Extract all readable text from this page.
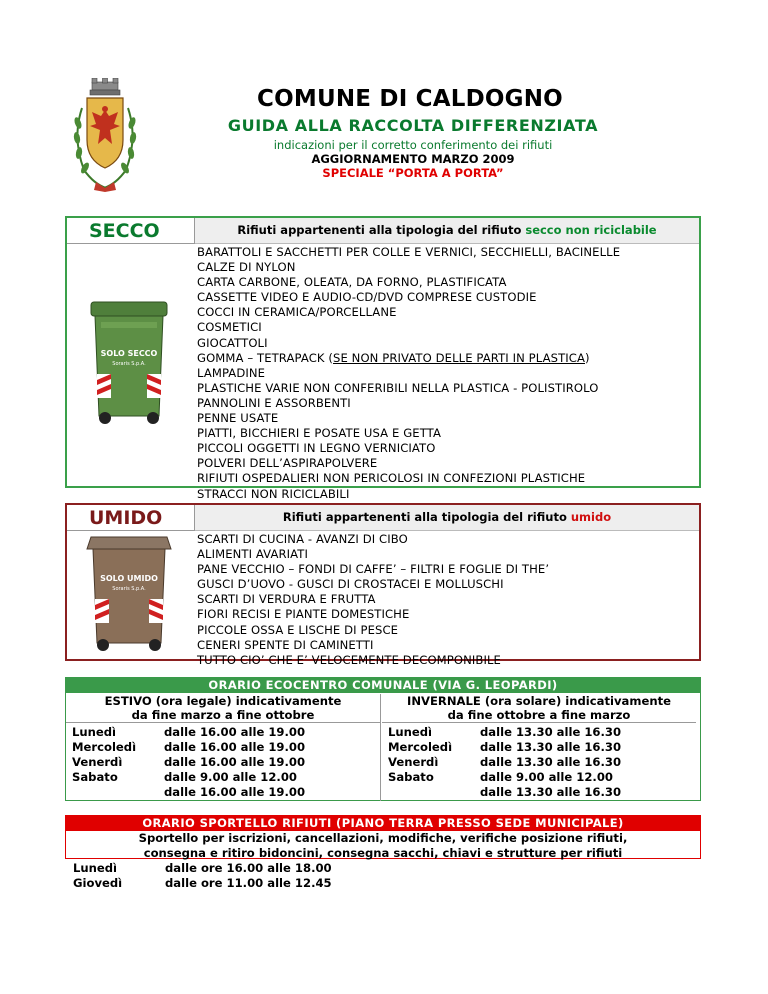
COMUNE DI CALDOGNO
GUIDA ALLA RACCOLTA DIFFERENZIATA
indicazioni per il corretto conferimento dei rifiuti
AGGIORNAMENTO MARZO 2009
SPECIALE “PORTA A PORTA”
SECCO	Rifiuti appartenenti alla tipologia del rifiuto secco non riciclabile
SOLO SECCO
Soraris S.p.A.
BARATTOLI E SACCHETTI PER COLLE E VERNICI, SECCHIELLI, BACINELLE
CALZE DI NYLON
CARTA CARBONE, OLEATA, DA FORNO, PLASTIFICATA
CASSETTE VIDEO E AUDIO-CD/DVD COMPRESE CUSTODIE
COCCI IN CERAMICA/PORCELLANE
COSMETICI
GIOCATTOLI
GOMMA – TETRAPACK (SE NON PRIVATO DELLE PARTI IN PLASTICA)
LAMPADINE
PLASTICHE VARIE NON CONFERIBILI NELLA PLASTICA - POLISTIROLO
PANNOLINI E ASSORBENTI
PENNE USATE
PIATTI, BICCHIERI E POSATE USA E GETTA
PICCOLI OGGETTI IN LEGNO VERNICIATO
POLVERI DELL’ASPIRAPOLVERE
RIFIUTI OSPEDALIERI NON PERICOLOSI IN CONFEZIONI PLASTICHE
STRACCI NON RICICLABILI
UMIDO	Rifiuti appartenenti alla tipologia del rifiuto umido
SOLO UMIDO
Soraris S.p.A.
SCARTI DI CUCINA - AVANZI DI CIBO
ALIMENTI AVARIATI
PANE VECCHIO – FONDI DI CAFFE’ – FILTRI E FOGLIE DI THE’
GUSCI D’UOVO - GUSCI DI CROSTACEI E MOLLUSCHI
SCARTI DI VERDURA E FRUTTA
FIORI RECISI E PIANTE DOMESTICHE
PICCOLE OSSA E LISCHE DI PESCE
CENERI SPENTE DI CAMINETTI
TUTTO CIO’ CHE E’ VELOCEMENTE DECOMPONIBILE
ORARIO ECOCENTRO COMUNALE (VIA G. LEOPARDI)
ESTIVO (ora legale) indicativamente
da fine marzo a fine ottobre
Lunedì	dalle 16.00 alle 19.00
Mercoledì	dalle 16.00 alle 19.00
Venerdì	dalle 16.00 alle 19.00
Sabato	dalle 9.00 alle 12.00
	dalle 16.00 alle 19.00
INVERNALE (ora solare) indicativamente
da fine ottobre a fine marzo
Lunedì	dalle 13.30 alle 16.30
Mercoledì	dalle 13.30 alle 16.30
Venerdì	dalle 13.30 alle 16.30
Sabato	dalle 9.00 alle 12.00
	dalle 13.30 alle 16.30
ORARIO SPORTELLO RIFIUTI (PIANO TERRA PRESSO SEDE MUNICIPALE)
Sportello per iscrizioni, cancellazioni, modifiche, verifiche posizione rifiuti,
consegna e ritiro bidoncini, consegna sacchi, chiavi e strutture per rifiuti
Lunedì	dalle ore 16.00 alle 18.00
Giovedì	dalle ore 11.00 alle 12.45
